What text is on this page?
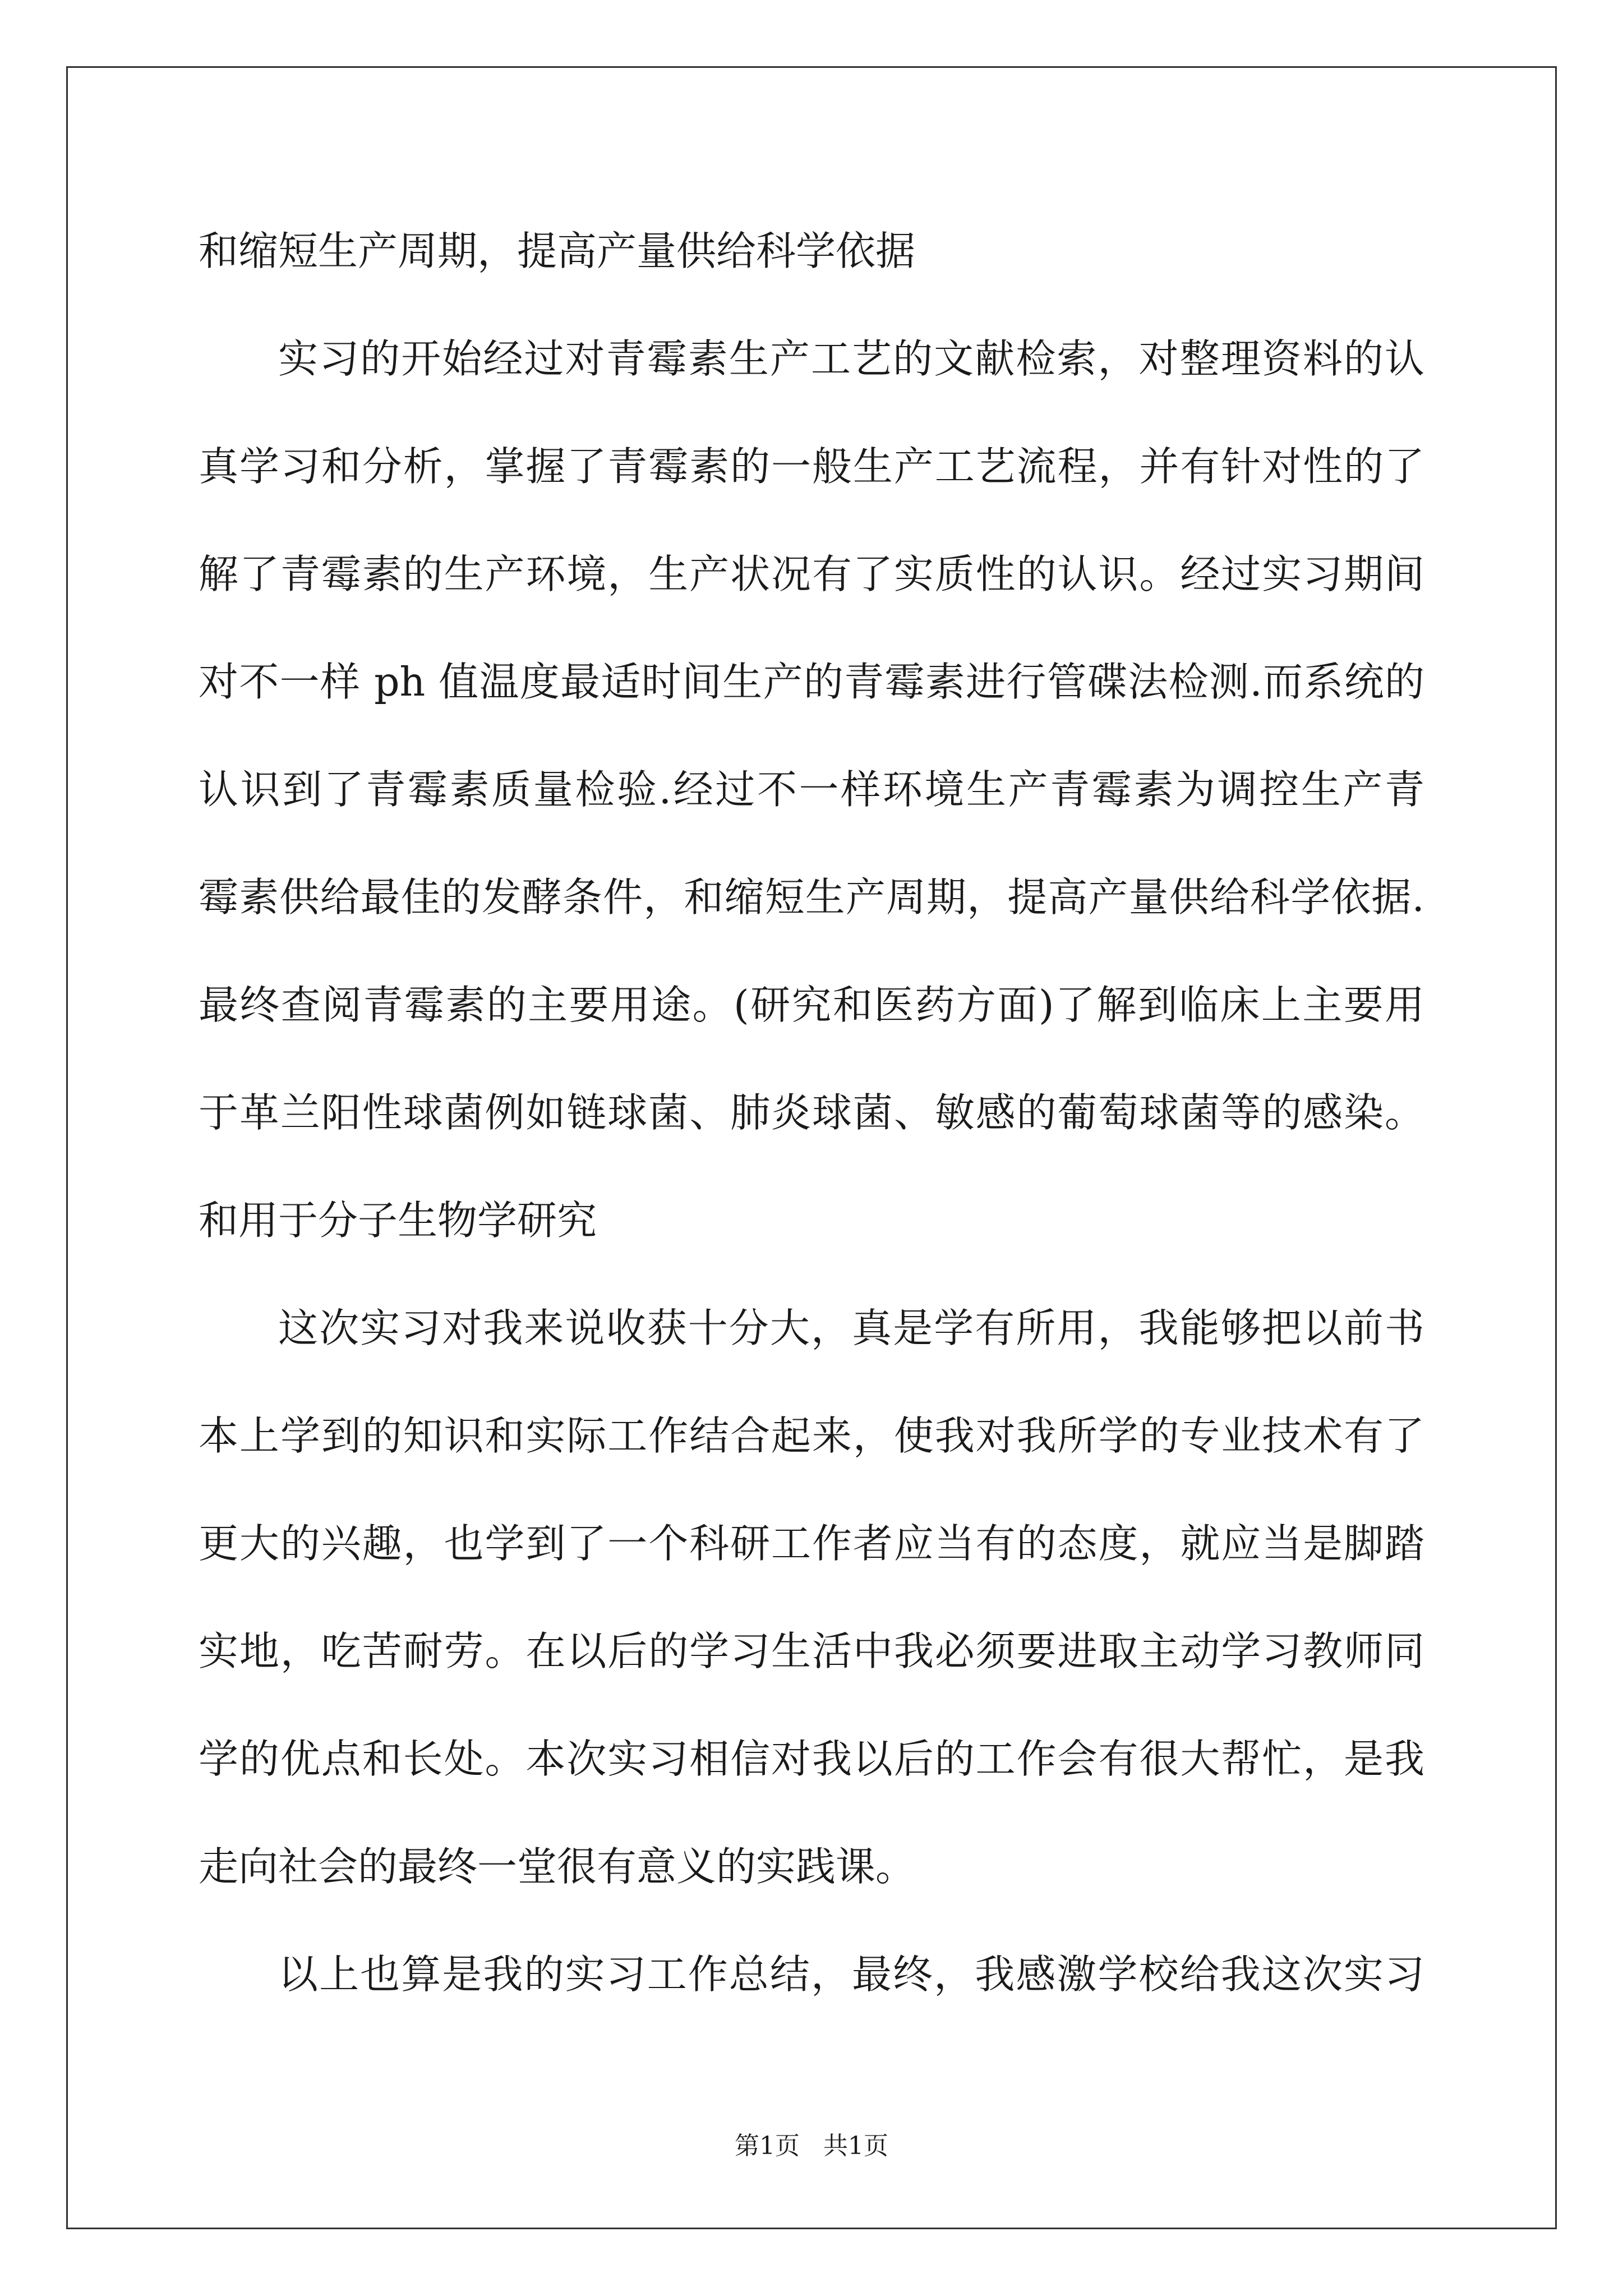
和缩短生产周期，提高产量供给科学依据
实习的开始经过对青霉素生产工艺的文献检索，对整理资料的认
真学习和分析，掌握了青霉素的一般生产工艺流程，并有针对性的了
解了青霉素的生产环境，生产状况有了实质性的认识。经过实习期间
对不一样 ph 值温度最适时间生产的青霉素进行管碟法检测.而系统的
认识到了青霉素质量检验.经过不一样环境生产青霉素为调控生产青
霉素供给最佳的发酵条件，和缩短生产周期，提高产量供给科学依据.
最终查阅青霉素的主要用途。(研究和医药方面)了解到临床上主要用
于革兰阳性球菌例如链球菌、肺炎球菌、敏感的葡萄球菌等的感染。
和用于分子生物学研究
这次实习对我来说收获十分大，真是学有所用，我能够把以前书
本上学到的知识和实际工作结合起来，使我对我所学的专业技术有了
更大的兴趣，也学到了一个科研工作者应当有的态度，就应当是脚踏
实地，吃苦耐劳。在以后的学习生活中我必须要进取主动学习教师同
学的优点和长处。本次实习相信对我以后的工作会有很大帮忙，是我
走向社会的最终一堂很有意义的实践课。
以上也算是我的实习工作总结，最终，我感激学校给我这次实习
第1页 共1页
